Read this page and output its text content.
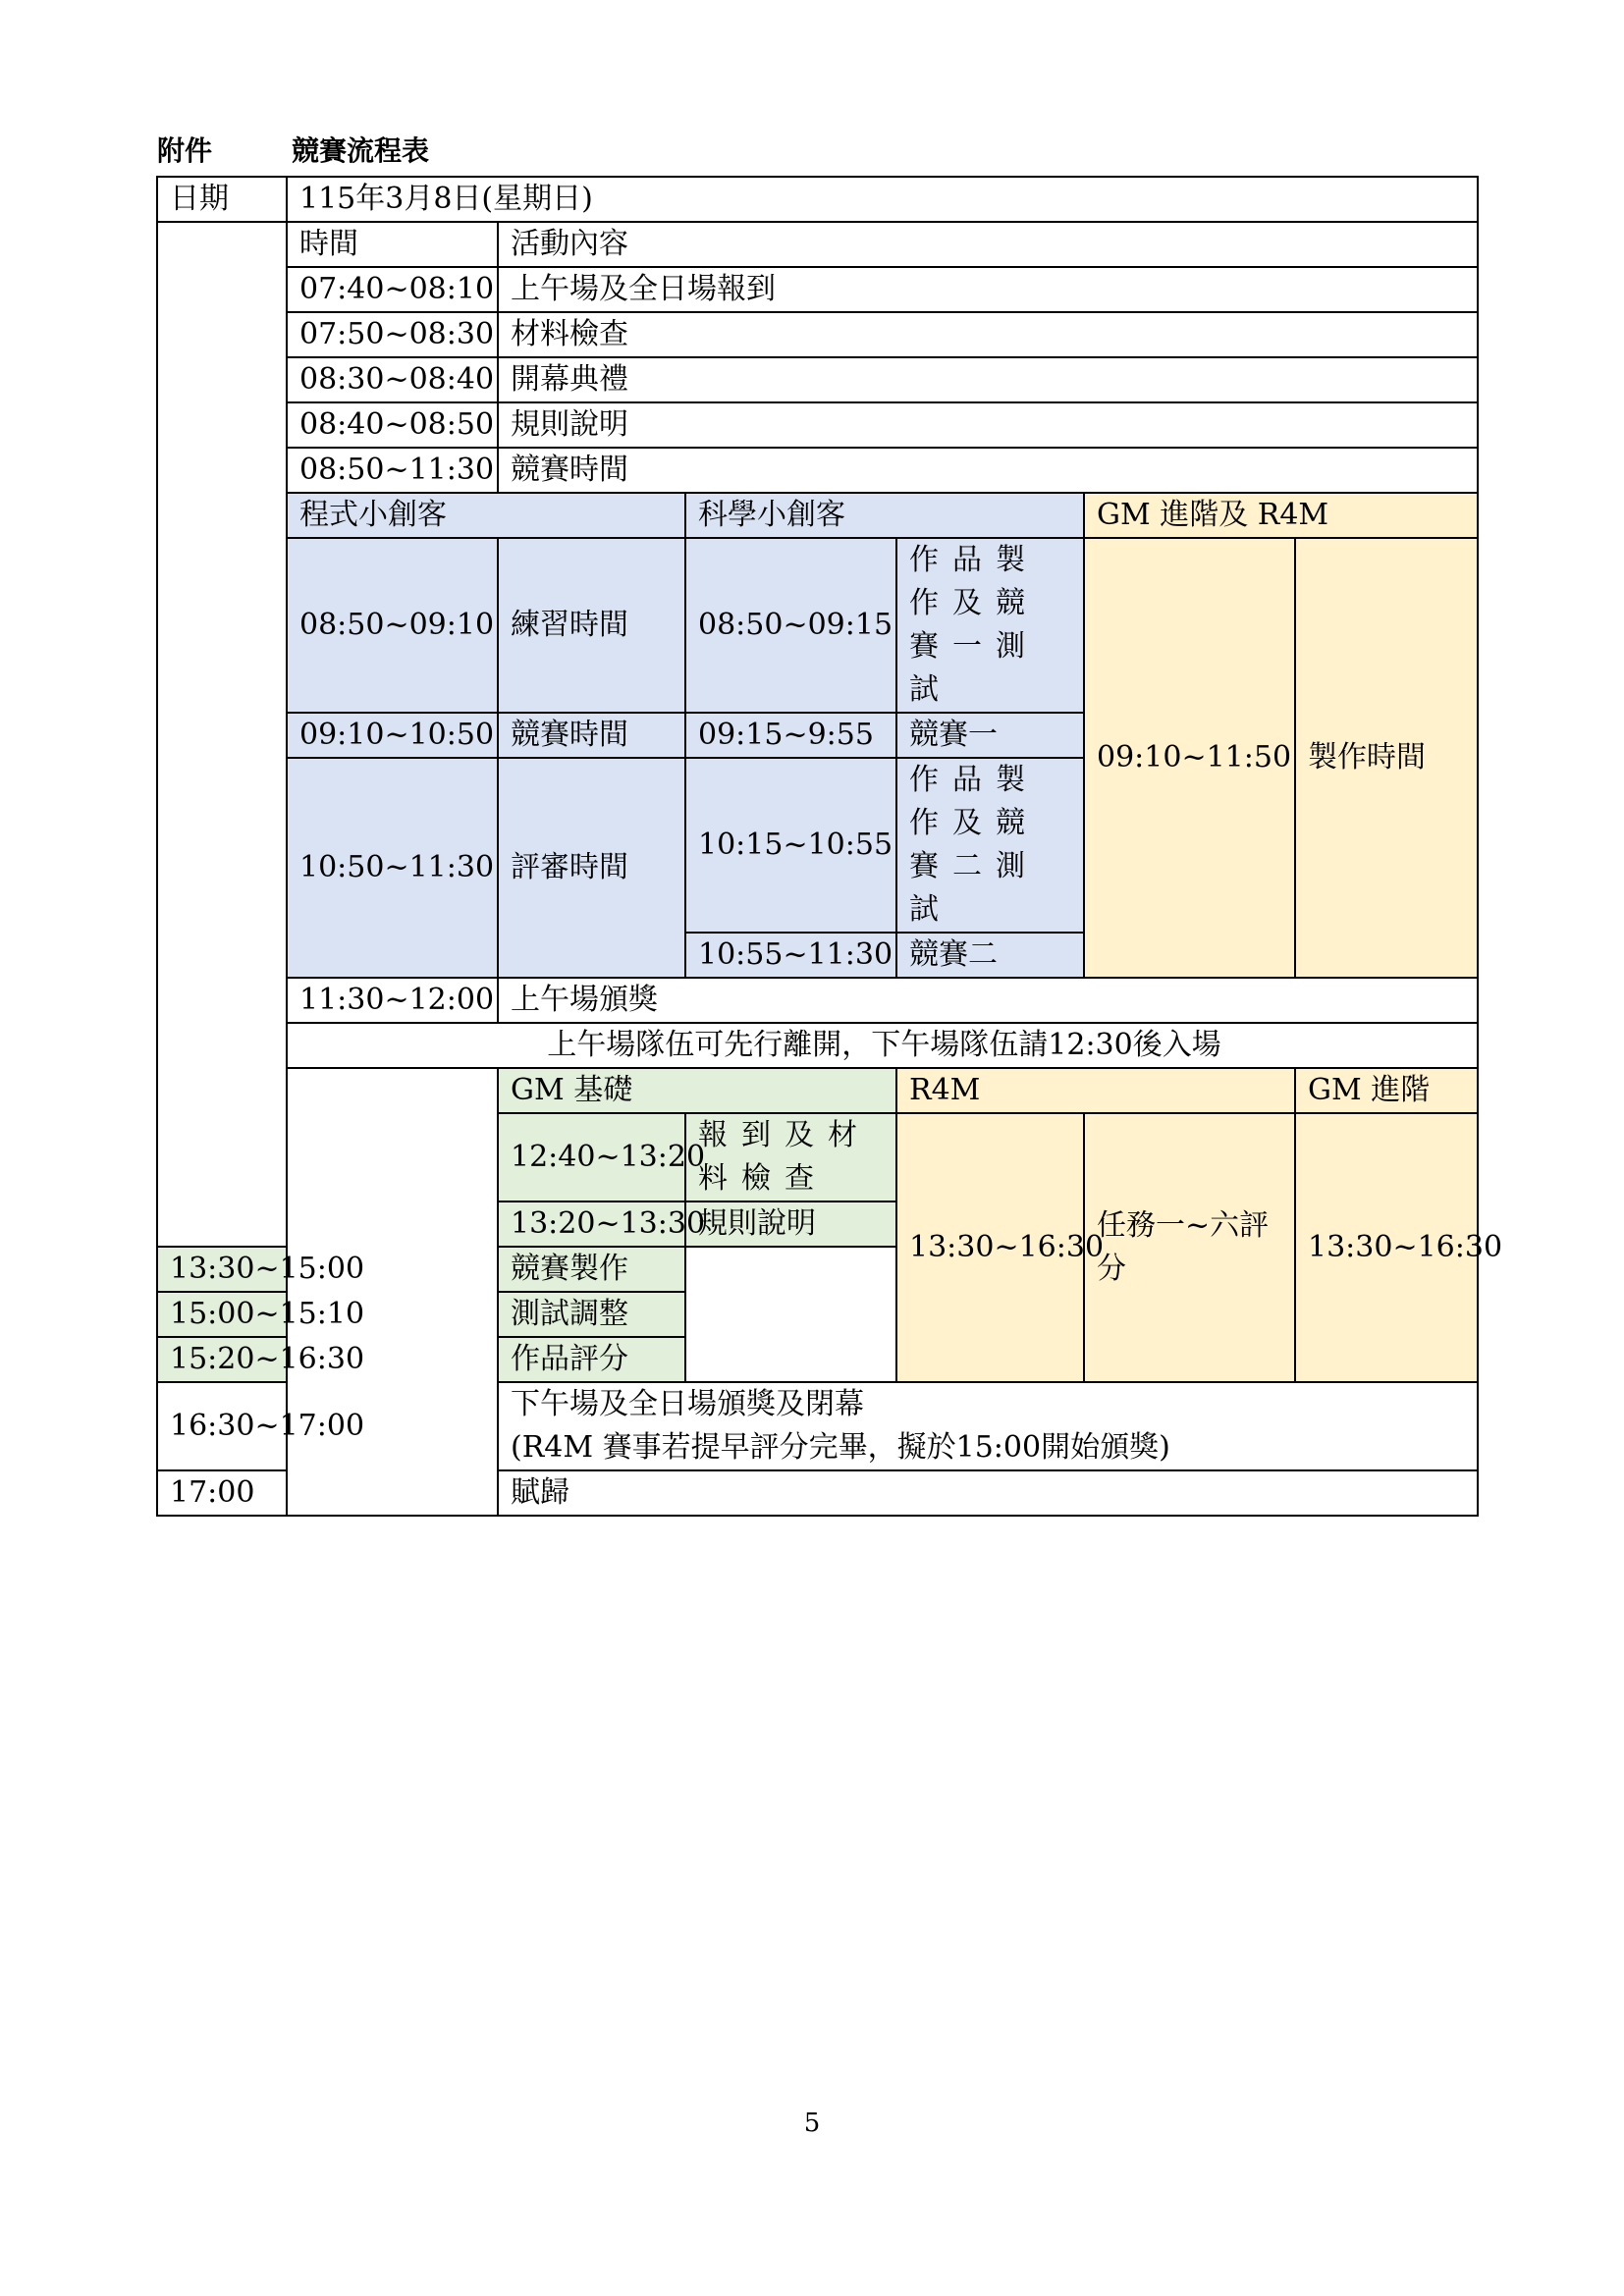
附件	競賽流程表
日期	115年3月8日(星期日)						
	時間	活動內容					
	07:40~08:10	上午場及全日場報到					
	07:50~08:30	材料檢查					
	08:30~08:40	開幕典禮					
	08:40~08:50	規則說明					
	08:50~11:30	競賽時間					
	程式小創客		科學小創客		GM 進階及 R4M		
	08:50~09:10	練習時間	08:50~09:15	作品製作及競賽一測試	09:10~11:50	製作時間	
	09:10~10:50	競賽時間	09:15~9:55	競賽一			
	10:50~11:30	評審時間	10:15~10:55	作品製作及競賽二測試			
			10:55~11:30	競賽二			
	11:30~12:00	上午場頒獎					
	上午場隊伍可先行離開，下午場隊伍請12:30後入場						
		GM 基礎		R4M		GM 進階	
		12:40~13:20	報到及材料檢查	13:30~16:30	任務一~六評分	13:30~16:30	
		13:20~13:30	規則說明				
13:30~15:00		競賽製作					
15:00~15:10		測試調整					
15:20~16:30		作品評分					
16:30~17:00		下午場及全日場頒獎及閉幕
(R4M 賽事若提早評分完畢，擬於15:00開始頒獎)					

17:00		賦歸					
5
